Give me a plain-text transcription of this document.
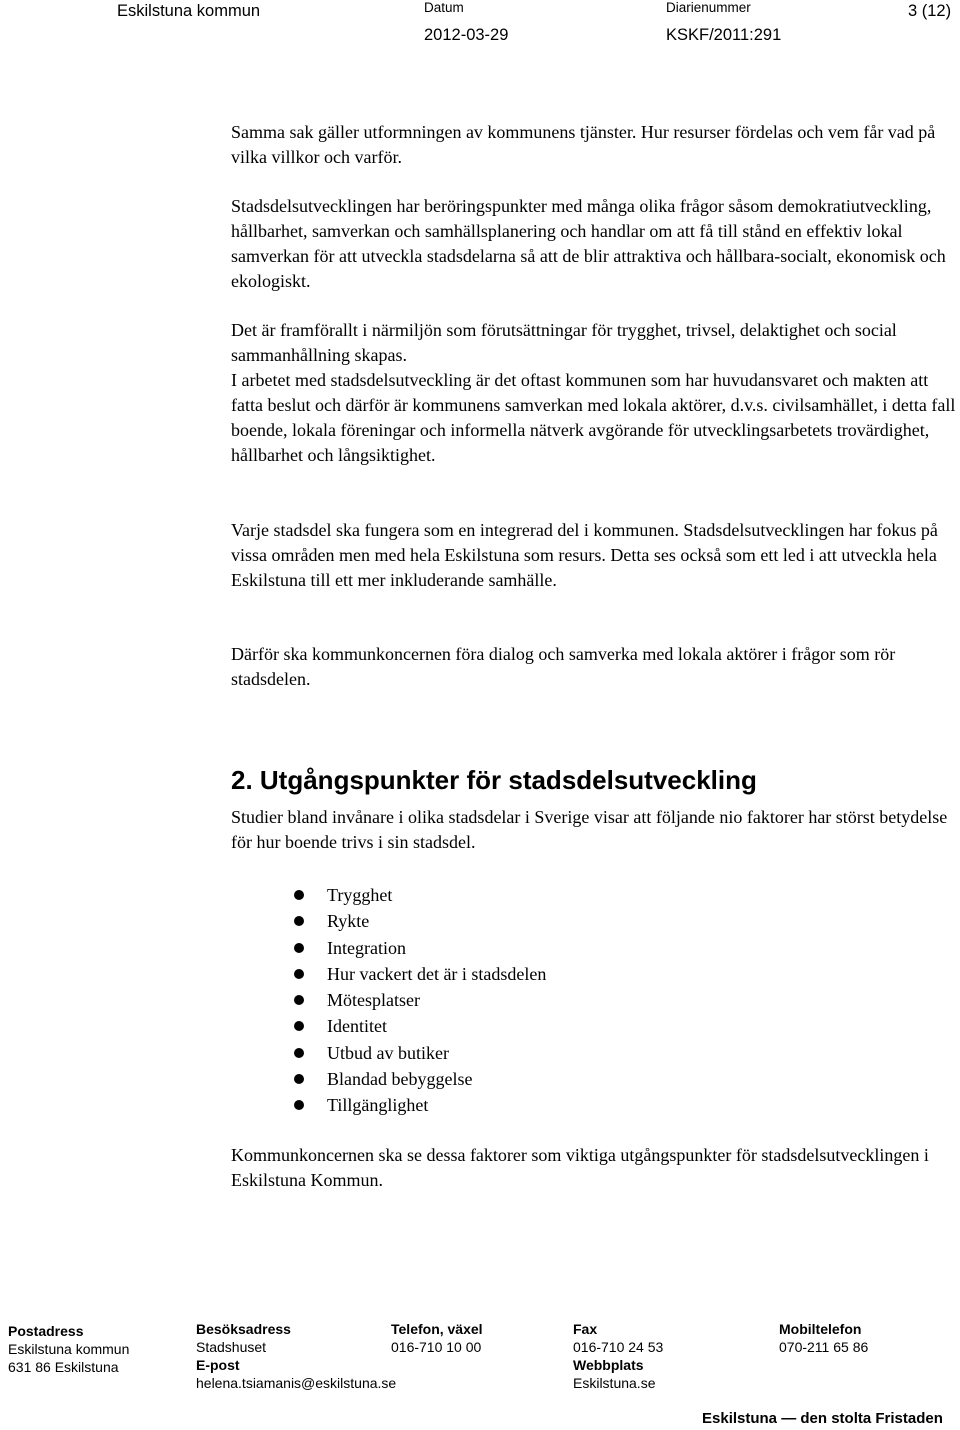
Eskilstuna kommun	Datum
2012-03-29
Diarienummer
KSKF/2011:291
3 (12)

Samma sak gäller utformningen av kommunens tjänster. Hur resurser fördelas och vem får vad på vilka villkor och varför.

Stadsdelsutvecklingen har beröringspunkter med många olika frågor såsom demokratiutveckling, hållbarhet, samverkan och samhällsplanering och handlar om att få till stånd en effektiv lokal samverkan för att utveckla stadsdelarna så att de blir attraktiva och hållbara-socialt, ekonomisk och ekologiskt.

Det är framförallt i närmiljön som förutsättningar för trygghet, trivsel, delaktighet och social sammanhållning skapas.

I arbetet med stadsdelsutveckling är det oftast kommunen som har huvudansvaret och makten att fatta beslut och därför är kommunens samverkan med lokala aktörer, d.v.s. civilsamhället, i detta fall boende, lokala föreningar och informella nätverk avgörande för utvecklingsarbetets trovärdighet, hållbarhet och långsiktighet.

Varje stadsdel ska fungera som en integrerad del i kommunen. Stadsdelsutvecklingen har fokus på vissa områden men med hela Eskilstuna som resurs. Detta ses också som ett led i att utveckla hela Eskilstuna till ett mer inkluderande samhälle.

Därför ska kommunkoncernen föra dialog och samverka med lokala aktörer i frågor som rör stadsdelen.

2. Utgångspunkter för stadsdelsutveckling

Studier bland invånare i olika stadsdelar i Sverige visar att följande nio faktorer har störst betydelse för hur boende trivs i sin stadsdel.

Trygghet
Rykte
Integration
Hur vackert det är i stadsdelen
Mötesplatser
Identitet
Utbud av butiker
Blandad bebyggelse
Tillgänglighet

Kommunkoncernen ska se dessa faktorer som viktiga utgångspunkter för stadsdelsutvecklingen i Eskilstuna Kommun.

Postadress
Eskilstuna kommun
631 86 Eskilstuna
Besöksadress
Stadshuset
E-post
helena.tsiamanis@eskilstuna.se
Telefon, växel
016-710 10 00
Fax
016-710 24 53
Webbplats
Eskilstuna.se
Mobiltelefon
070-211 65 86
Eskilstuna — den stolta Fristaden
